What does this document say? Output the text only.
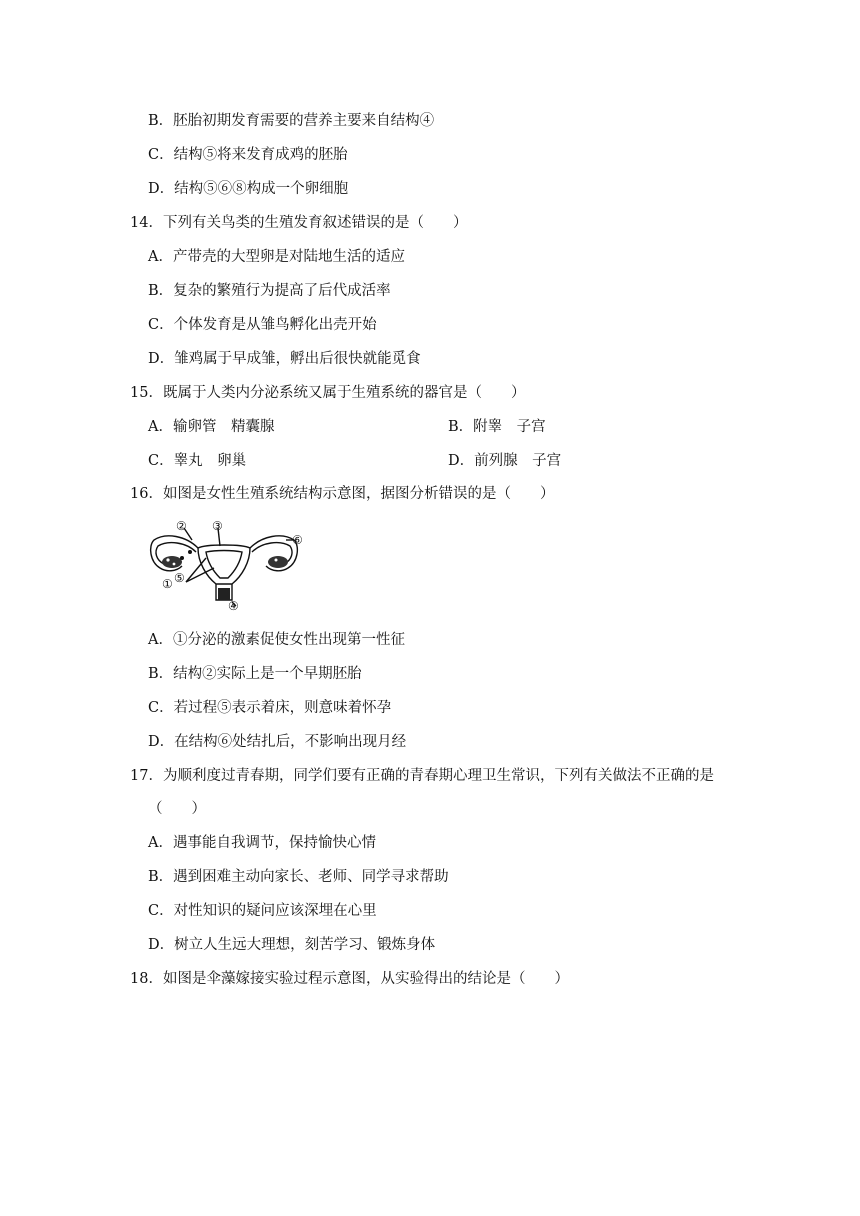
B．胚胎初期发育需要的营养主要来自结构④
C．结构⑤将来发育成鸡的胚胎
D．结构⑤⑥⑧构成一个卵细胞
14．下列有关鸟类的生殖发育叙述错误的是（　　）
A．产带壳的大型卵是对陆地生活的适应
B．复杂的繁殖行为提高了后代成活率
C．个体发育是从雏鸟孵化出壳开始
D．雏鸡属于早成雏，孵出后很快就能觅食
15．既属于人类内分泌系统又属于生殖系统的器官是（　　）
A．输卵管　精囊腺	B．附睾　子宫
C．睾丸　卵巢	D．前列腺　子宫
16．如图是女性生殖系统结构示意图，据图分析错误的是（　　）
② ③
⑥
① ⑤
④
A．①分泌的激素促使女性出现第一性征
B．结构②实际上是一个早期胚胎
C．若过程⑤表示着床，则意味着怀孕
D．在结构⑥处结扎后，不影响出现月经
17．为顺利度过青春期，同学们要有正确的青春期心理卫生常识，下列有关做法不正确的是
（　　）
A．遇事能自我调节，保持愉快心情
B．遇到困难主动向家长、老师、同学寻求帮助
C．对性知识的疑问应该深埋在心里
D．树立人生远大理想，刻苦学习、锻炼身体
18．如图是伞藻嫁接实验过程示意图，从实验得出的结论是（　　）
